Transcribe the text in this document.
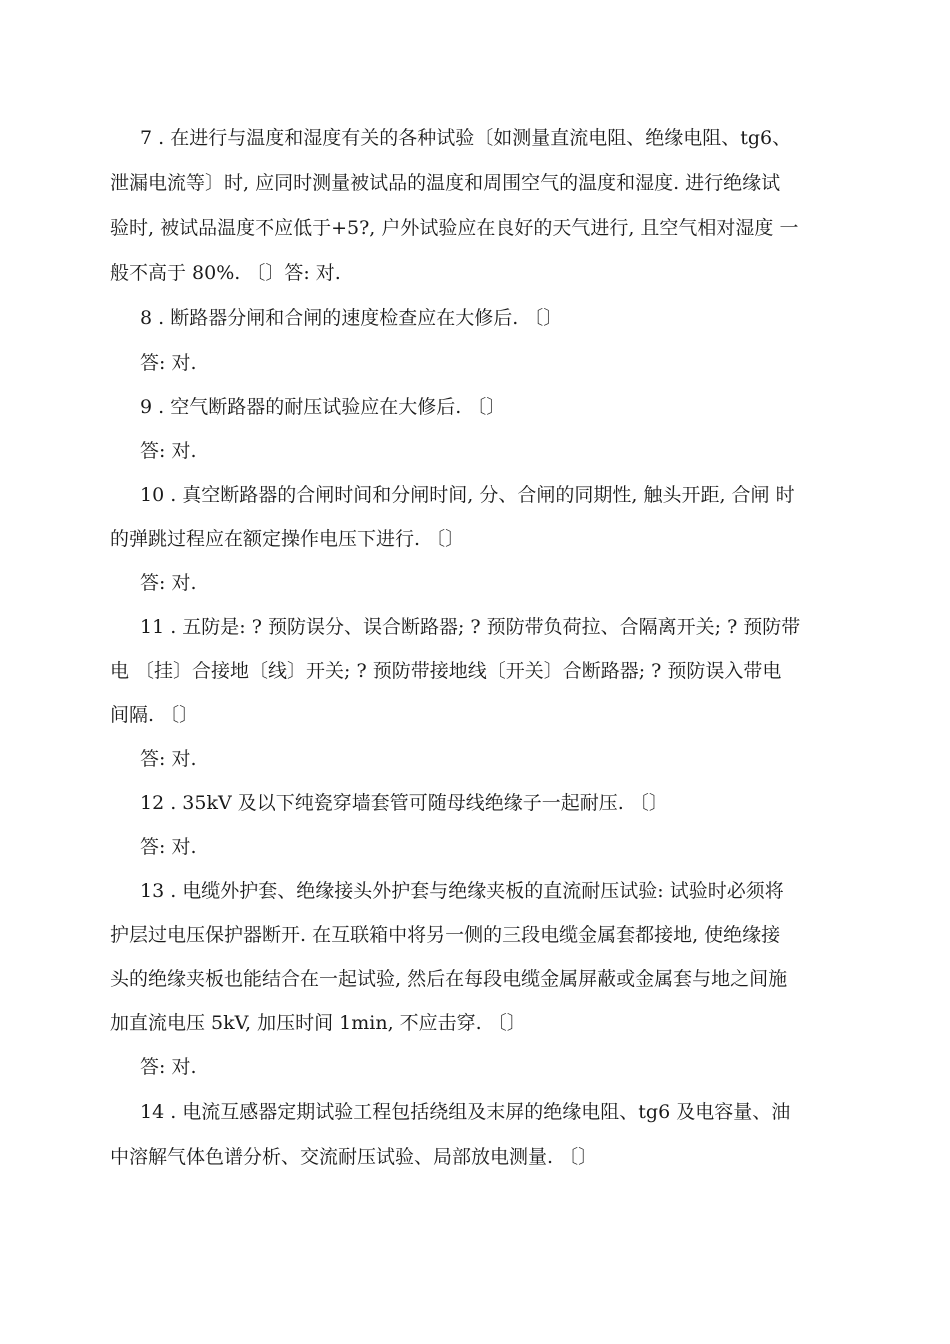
7 . 在进行与温度和湿度有关的各种试验〔如测量直流电阻、绝缘电阻、tg6、
泄漏电流等〕时, 应同时测量被试品的温度和周围空气的温度和湿度. 进行绝缘试
验时, 被试品温度不应低于+5?, 户外试验应在良好的天气进行, 且空气相对湿度 一
般不高于 80%. 〔〕答: 对.
8 . 断路器分闸和合闸的速度检查应在大修后. 〔〕
答: 对.
9 . 空气断路器的耐压试验应在大修后. 〔〕
答: 对.
10 . 真空断路器的合闸时间和分闸时间, 分、合闸的同期性, 触头开距, 合闸 时
的弹跳过程应在额定操作电压下进行. 〔〕
答: 对.
11 . 五防是: ? 预防误分、误合断路器; ? 预防带负荷拉、合隔离开关; ? 预防带
电 〔挂〕合接地〔线〕开关; ? 预防带接地线〔开关〕合断路器; ? 预防误入带电
间隔. 〔〕
答: 对.
12 . 35kV 及以下纯瓷穿墙套管可随母线绝缘子一起耐压. 〔〕
答: 对.
13 . 电缆外护套、绝缘接头外护套与绝缘夹板的直流耐压试验: 试验时必须将
护层过电压保护器断开. 在互联箱中将另一侧的三段电缆金属套都接地, 使绝缘接
头的绝缘夹板也能结合在一起试验, 然后在每段电缆金属屏蔽或金属套与地之间施
加直流电压 5kV, 加压时间 1min, 不应击穿. 〔〕
答: 对.
14 . 电流互感器定期试验工程包括绕组及末屏的绝缘电阻、tg6 及电容量、油
中溶解气体色谱分析、交流耐压试验、局部放电测量. 〔〕
